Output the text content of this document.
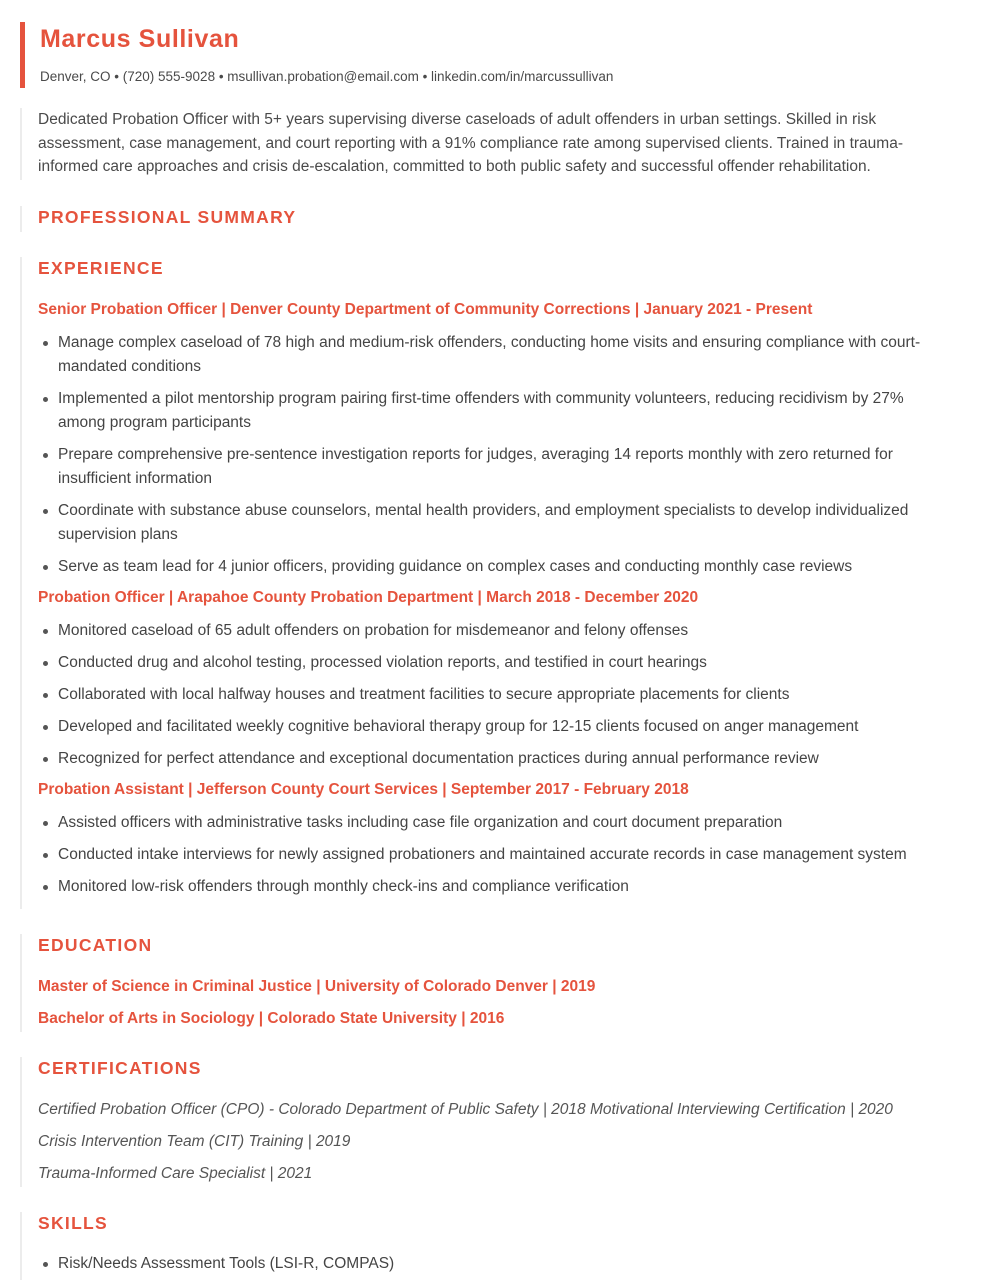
Marcus Sullivan
Denver, CO • (720) 555-9028 • msullivan.probation@email.com • linkedin.com/in/marcussullivan

Dedicated Probation Officer with 5+ years supervising diverse caseloads of adult offenders in urban settings. Skilled in risk assessment, case management, and court reporting with a 91% compliance rate among supervised clients. Trained in trauma-informed care approaches and crisis de-escalation, committed to both public safety and successful offender rehabilitation.

PROFESSIONAL SUMMARY
EXPERIENCE
Senior Probation Officer | Denver County Department of Community Corrections | January 2021 - Present
Manage complex caseload of 78 high and medium-risk offenders, conducting home visits and ensuring compliance with court-mandated conditions
Implemented a pilot mentorship program pairing first-time offenders with community volunteers, reducing recidivism by 27% among program participants
Prepare comprehensive pre-sentence investigation reports for judges, averaging 14 reports monthly with zero returned for insufficient information
Coordinate with substance abuse counselors, mental health providers, and employment specialists to develop individualized supervision plans
Serve as team lead for 4 junior officers, providing guidance on complex cases and conducting monthly case reviews
Probation Officer | Arapahoe County Probation Department | March 2018 - December 2020
Monitored caseload of 65 adult offenders on probation for misdemeanor and felony offenses
Conducted drug and alcohol testing, processed violation reports, and testified in court hearings
Collaborated with local halfway houses and treatment facilities to secure appropriate placements for clients
Developed and facilitated weekly cognitive behavioral therapy group for 12-15 clients focused on anger management
Recognized for perfect attendance and exceptional documentation practices during annual performance review
Probation Assistant | Jefferson County Court Services | September 2017 - February 2018
Assisted officers with administrative tasks including case file organization and court document preparation
Conducted intake interviews for newly assigned probationers and maintained accurate records in case management system
Monitored low-risk offenders through monthly check-ins and compliance verification
EDUCATION
Master of Science in Criminal Justice | University of Colorado Denver | 2019
Bachelor of Arts in Sociology | Colorado State University | 2016
CERTIFICATIONS
Certified Probation Officer (CPO) - Colorado Department of Public Safety | 2018 Motivational Interviewing Certification | 2020
Crisis Intervention Team (CIT) Training | 2019
Trauma-Informed Care Specialist | 2021
SKILLS
Risk/Needs Assessment Tools (LSI-R, COMPAS)
